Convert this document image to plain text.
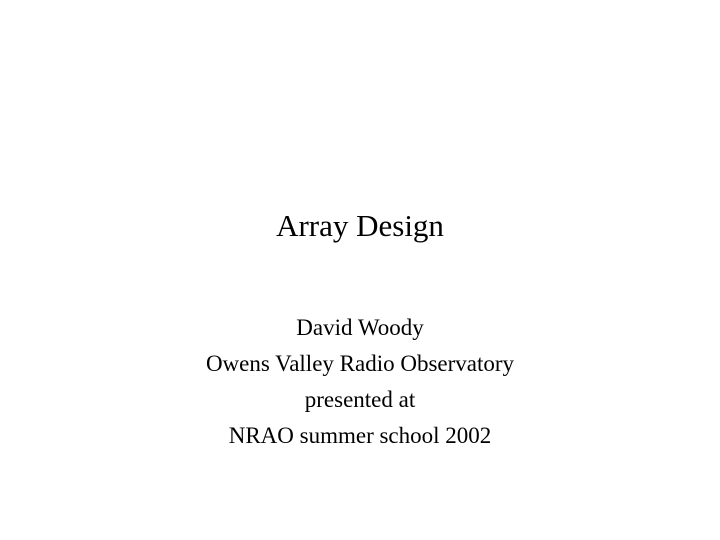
Array Design
David Woody
Owens Valley Radio Observatory
presented at
NRAO summer school 2002
